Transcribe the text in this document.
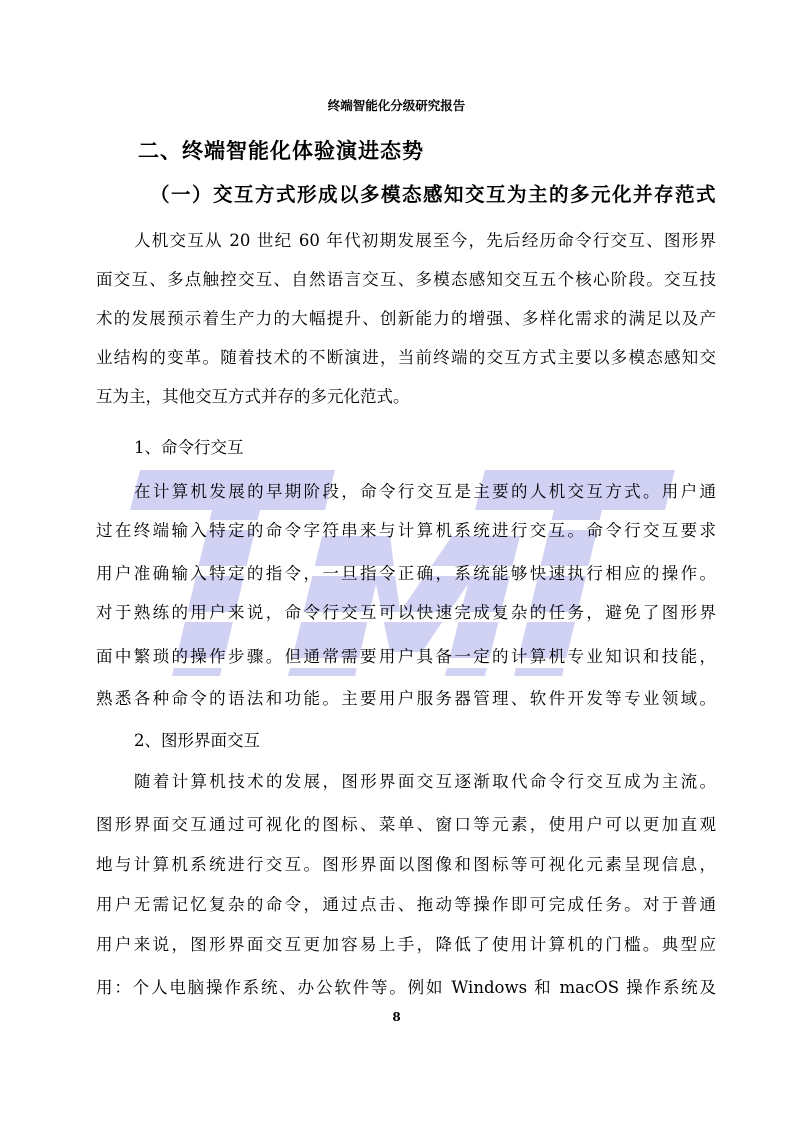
终端智能化分级研究报告
二、终端智能化体验演进态势
（一）交互方式形成以多模态感知交互为主的多元化并存范式
人机交互从 20 世纪 60 年代初期发展至今，先后经历命令行交互、图形界
面交互、多点触控交互、自然语言交互、多模态感知交互五个核心阶段。交互技
术的发展预示着生产力的大幅提升、创新能力的增强、多样化需求的满足以及产
业结构的变革。随着技术的不断演进，当前终端的交互方式主要以多模态感知交
互为主，其他交互方式并存的多元化范式。
1、命令行交互
在计算机发展的早期阶段，命令行交互是主要的人机交互方式。用户通
过在终端输入特定的命令字符串来与计算机系统进行交互。命令行交互要求
用户准确输入特定的指令，一旦指令正确，系统能够快速执行相应的操作。
对于熟练的用户来说，命令行交互可以快速完成复杂的任务，避免了图形界
面中繁琐的操作步骤。但通常需要用户具备一定的计算机专业知识和技能，
熟悉各种命令的语法和功能。主要用户服务器管理、软件开发等专业领域。
2、图形界面交互
随着计算机技术的发展，图形界面交互逐渐取代命令行交互成为主流。
图形界面交互通过可视化的图标、菜单、窗口等元素，使用户可以更加直观
地与计算机系统进行交互。图形界面以图像和图标等可视化元素呈现信息，
用户无需记忆复杂的命令，通过点击、拖动等操作即可完成任务。对于普通
用户来说，图形界面交互更加容易上手，降低了使用计算机的门槛。典型应
用：个人电脑操作系统、办公软件等。例如 Windows 和 macOS 操作系统及
8
